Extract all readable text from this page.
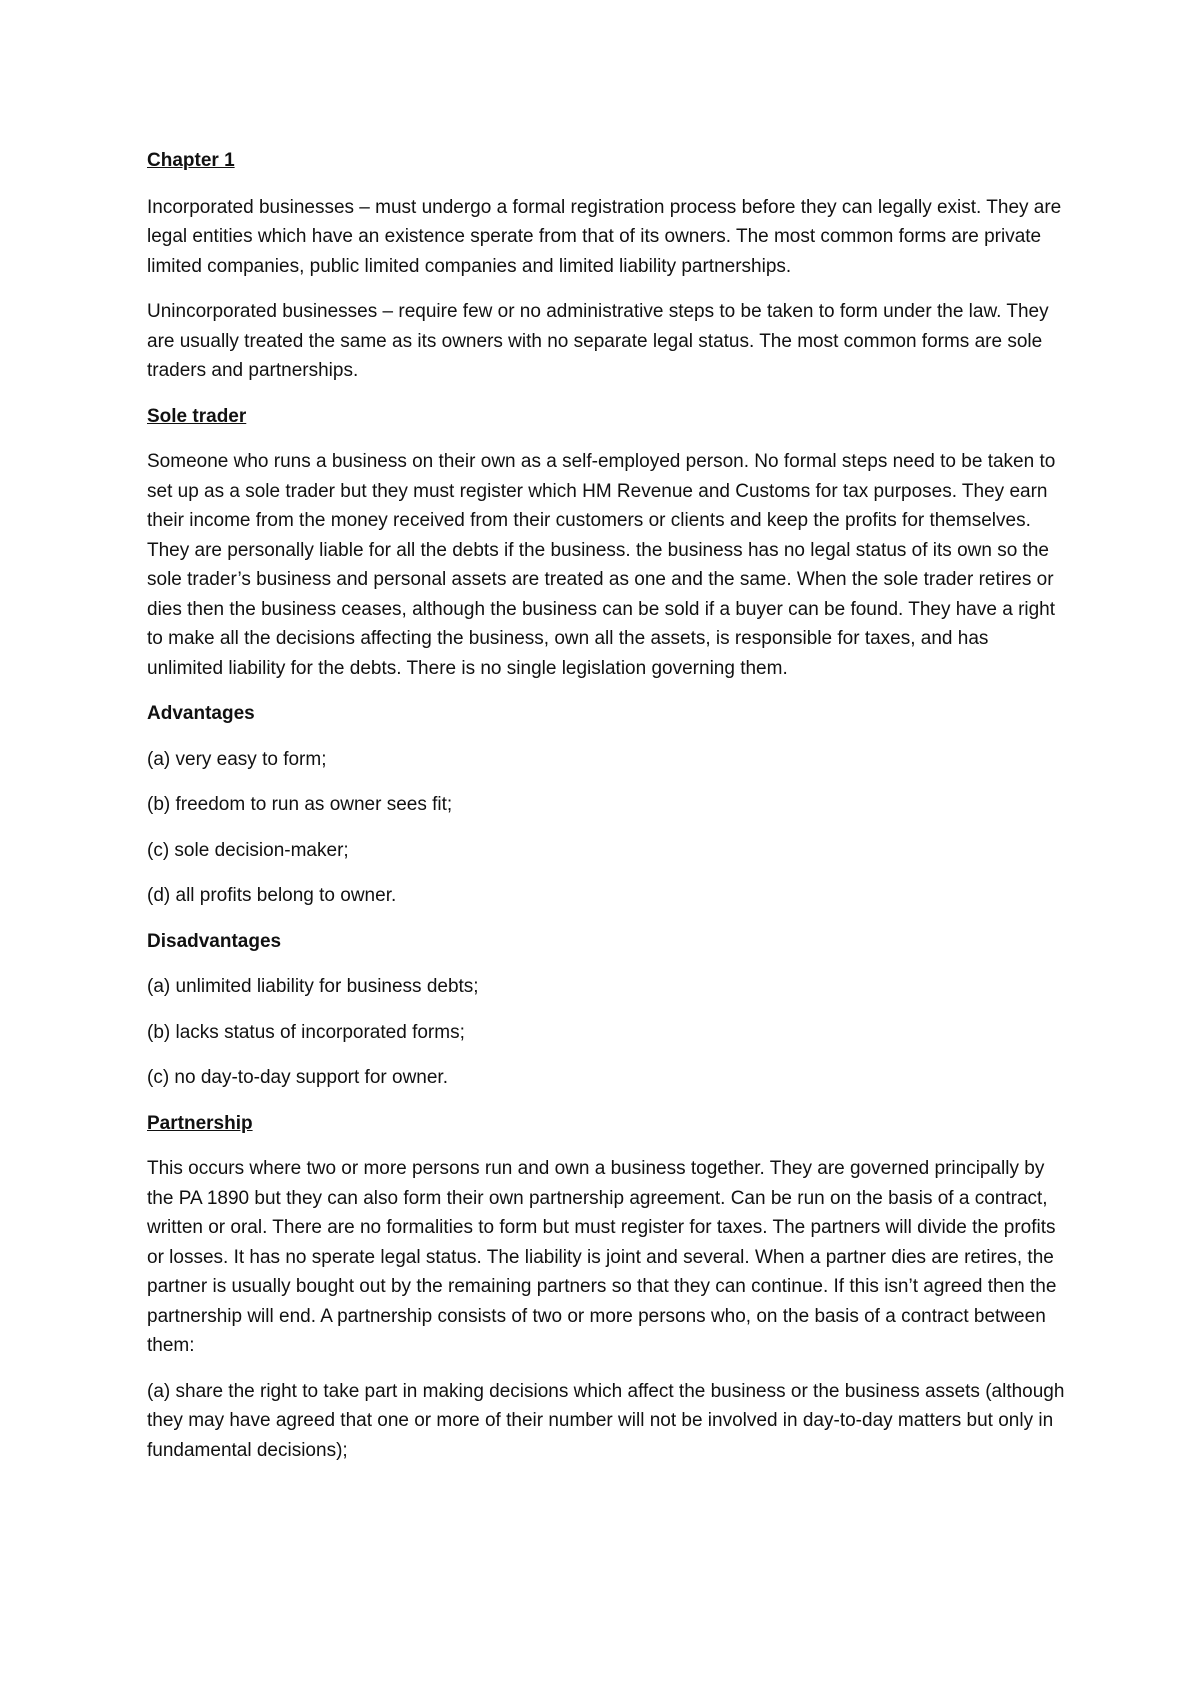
Chapter 1

Incorporated businesses – must undergo a formal registration process before they can legally exist. They are legal entities which have an existence sperate from that of its owners. The most common forms are private limited companies, public limited companies and limited liability partnerships.

Unincorporated businesses – require few or no administrative steps to be taken to form under the law. They are usually treated the same as its owners with no separate legal status. The most common forms are sole traders and partnerships.

Sole trader

Someone who runs a business on their own as a self-employed person. No formal steps need to be taken to set up as a sole trader but they must register which HM Revenue and Customs for tax purposes. They earn their income from the money received from their customers or clients and keep the profits for themselves. They are personally liable for all the debts if the business. the business has no legal status of its own so the sole trader’s business and personal assets are treated as one and the same. When the sole trader retires or dies then the business ceases, although the business can be sold if a buyer can be found. They have a right to make all the decisions affecting the business, own all the assets, is responsible for taxes, and has unlimited liability for the debts. There is no single legislation governing them.

Advantages

(a) very easy to form;

(b) freedom to run as owner sees fit;

(c) sole decision-maker;

(d) all profits belong to owner.

Disadvantages

(a) unlimited liability for business debts;

(b) lacks status of incorporated forms;

(c) no day-to-day support for owner.

Partnership

This occurs where two or more persons run and own a business together. They are governed principally by the PA 1890 but they can also form their own partnership agreement. Can be run on the basis of a contract, written or oral. There are no formalities to form but must register for taxes. The partners will divide the profits or losses. It has no sperate legal status. The liability is joint and several. When a partner dies are retires, the partner is usually bought out by the remaining partners so that they can continue. If this isn’t agreed then the partnership will end. A partnership consists of two or more persons who, on the basis of a contract between them:

(a) share the right to take part in making decisions which affect the business or the business assets (although they may have agreed that one or more of their number will not be involved in day-to-day matters but only in fundamental decisions);
